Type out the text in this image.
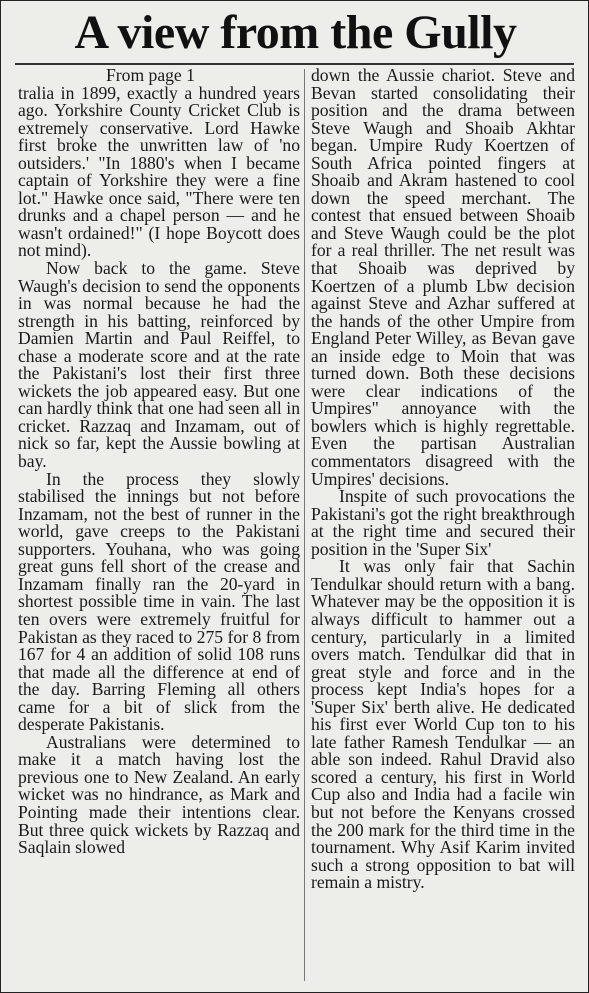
A view from the Gully

From page 1

tralia in 1899, exactly a hundred years ago. Yorkshire County Cricket Club is extremely conservative. Lord Hawke first broke the unwritten law of 'no outsiders.' "In 1880's when I became captain of Yorkshire they were a fine lot." Hawke once said, "There were ten drunks and a chapel person — and he wasn't ordained!" (I hope Boycott does not mind).

Now back to the game. Steve Waugh's decision to send the opponents in was normal because he had the strength in his batting, reinforced by Damien Martin and Paul Reiffel, to chase a moderate score and at the rate the Pakistani's lost their first three wickets the job appeared easy. But one can hardly think that one had seen all in cricket. Razzaq and Inzamam, out of nick so far, kept the Aussie bowling at bay.

In the process they slowly stabilised the innings but not before Inzamam, not the best of runner in the world, gave creeps to the Pakistani supporters. Youhana, who was going great guns fell short of the crease and Inzamam finally ran the 20-yard in shortest possible time in vain. The last ten overs were extremely fruitful for Pakistan as they raced to 275 for 8 from 167 for 4 an addition of solid 108 runs that made all the difference at end of the day. Barring Fleming all others came for a bit of slick from the desperate Pakistanis.

Australians were determined to make it a match having lost the previous one to New Zealand. An early wicket was no hindrance, as Mark and Pointing made their intentions clear. But three quick wickets by Razzaq and Saqlain slowed

down the Aussie chariot. Steve and Bevan started consolidating their position and the drama between Steve Waugh and Shoaib Akhtar began. Umpire Rudy Koertzen of South Africa pointed fingers at Shoaib and Akram hastened to cool down the speed merchant. The contest that ensued between Shoaib and Steve Waugh could be the plot for a real thriller. The net result was that Shoaib was deprived by Koertzen of a plumb Lbw decision against Steve and Azhar suffered at the hands of the other Umpire from England Peter Willey, as Bevan gave an inside edge to Moin that was turned down. Both these decisions were clear indications of the Umpires" annoyance with the bowlers which is highly regrettable. Even the partisan Australian commentators disagreed with the Umpires' decisions.

Inspite of such provocations the Pakistani's got the right breakthrough at the right time and secured their position in the 'Super Six'

It was only fair that Sachin Tendulkar should return with a bang. Whatever may be the opposition it is always difficult to hammer out a century, particularly in a limited overs match. Tendulkar did that in great style and force and in the process kept India's hopes for a 'Super Six' berth alive. He dedicated his first ever World Cup ton to his late father Ramesh Tendulkar — an able son indeed. Rahul Dravid also scored a century, his first in World Cup also and India had a facile win but not before the Kenyans crossed the 200 mark for the third time in the tournament. Why Asif Karim invited such a strong opposition to bat will remain a mistry.
